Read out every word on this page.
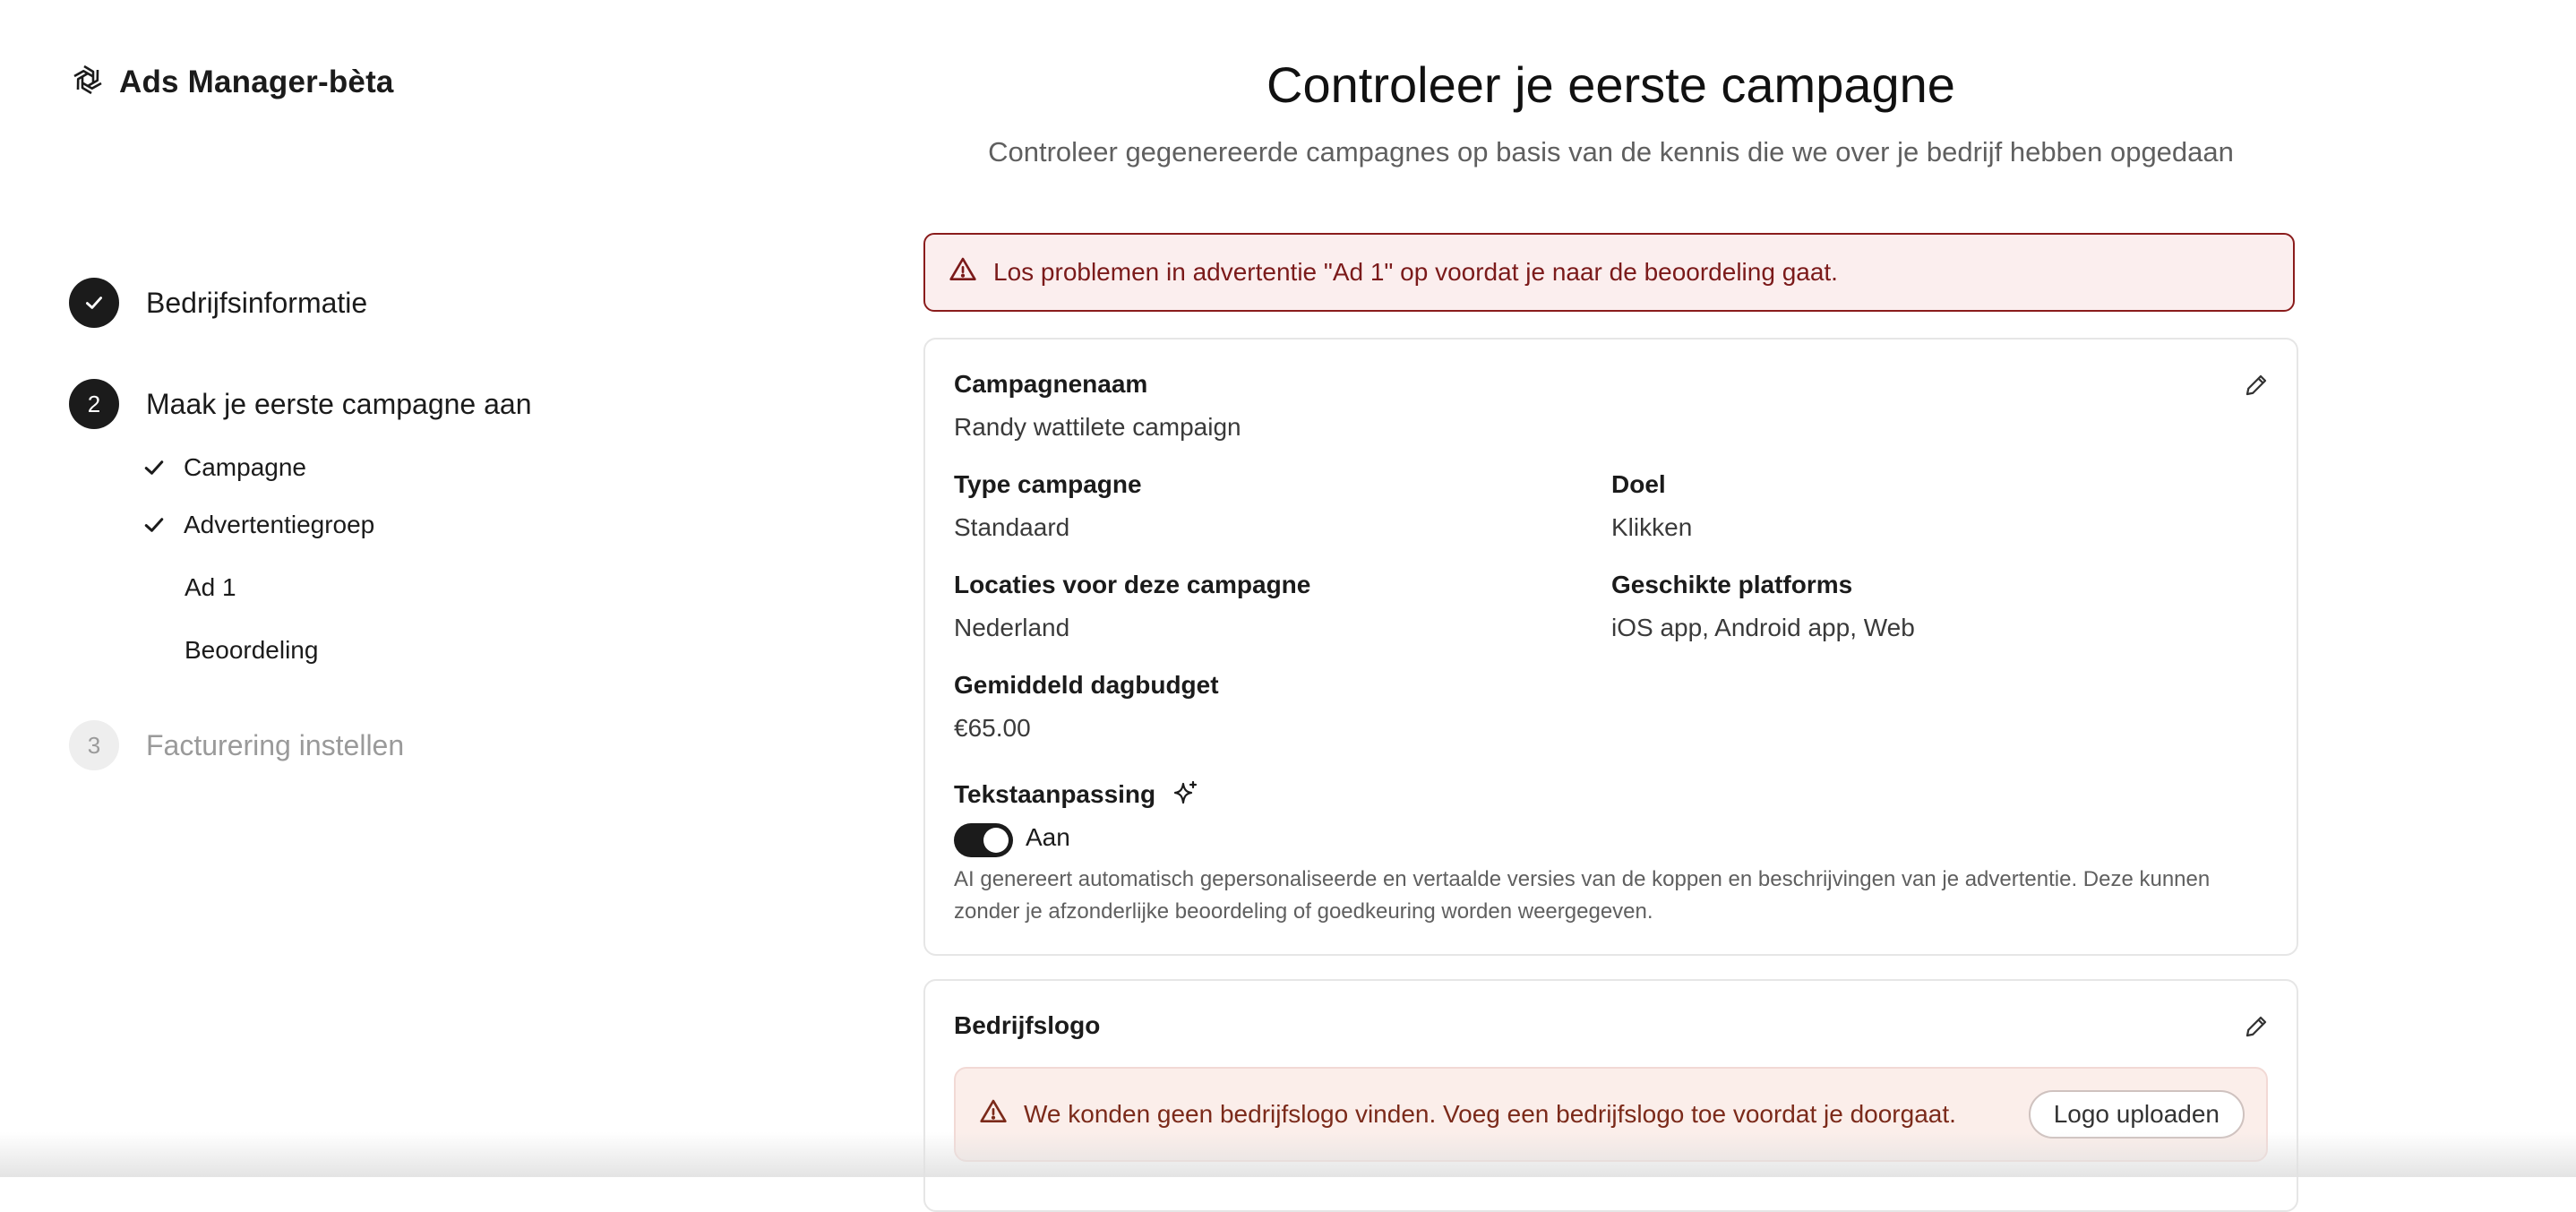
Ads Manager-bèta
Bedrijfsinformatie
2	Maak je eerste campagne aan
Campagne
Advertentiegroep
Ad 1
Beoordeling
3	Facturering instellen
Controleer je eerste campagne
Controleer gegenereerde campagnes op basis van de kennis die we over je bedrijf hebben opgedaan
Los problemen in advertentie "Ad 1" op voordat je naar de beoordeling gaat.
Campagnenaam
Randy wattilete campaign
Type campagne
Standaard
Doel
Klikken
Locaties voor deze campagne
Nederland
Geschikte platforms
iOS app, Android app, Web
Gemiddeld dagbudget
€65.00
Tekstaanpassing
Aan
AI genereert automatisch gepersonaliseerde en vertaalde versies van de koppen en beschrijvingen van je advertentie. Deze kunnen zonder je afzonderlijke beoordeling of goedkeuring worden weergegeven.
Bedrijfslogo
We konden geen bedrijfslogo vinden. Voeg een bedrijfslogo toe voordat je doorgaat.	Logo uploaden
